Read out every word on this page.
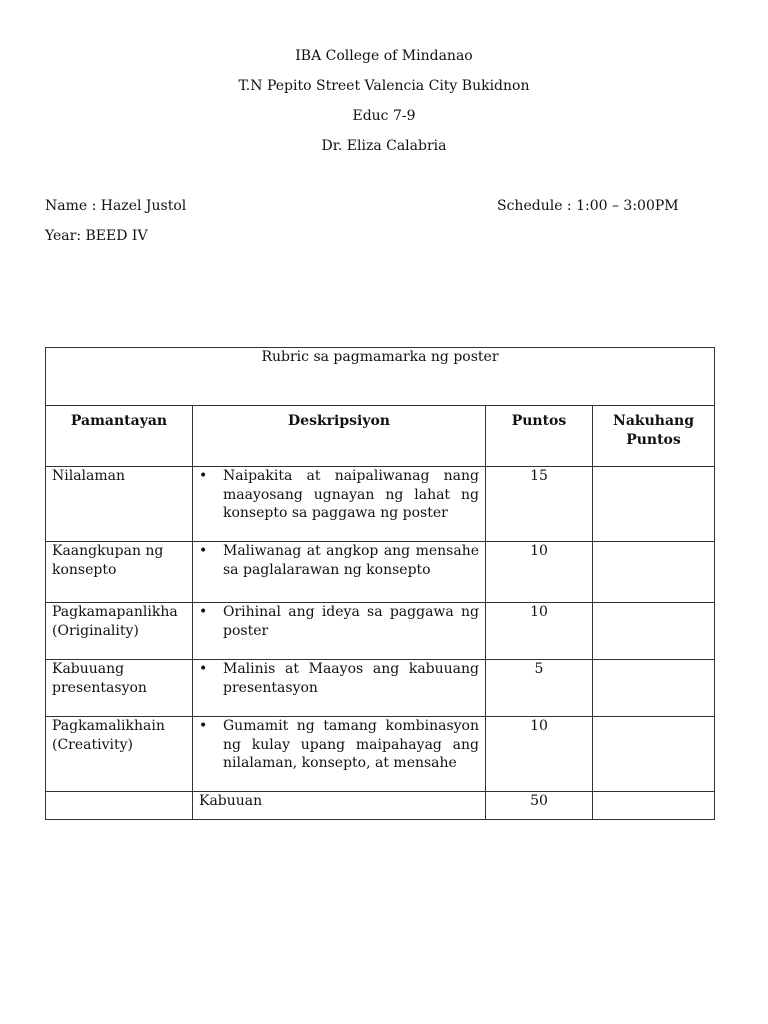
IBA College of Mindanao
T.N Pepito Street Valencia City Bukidnon
Educ 7-9
Dr. Eliza Calabria
Name : Hazel Justol	Schedule : 1:00 – 3:00PM
Year: BEED IV
Rubric sa pagmamarka ng poster			
Pamantayan	Deskripsiyon	Puntos	Nakuhang Puntos
Nilalaman	• Naipakita at naipaliwanag nang maayosang ugnayan ng lahat ng konsepto sa paggawa ng poster	15	
Kaangkupan ng konsepto	• Maliwanag at angkop ang mensahe sa paglalarawan ng konsepto	10	
Pagkamapanlikha (Originality)	• Orihinal ang ideya sa paggawa ng poster	10	
Kabuuang presentasyon	• Malinis at Maayos ang kabuuang presentasyon	5	
Pagkamalikhain (Creativity)	• Gumamit ng tamang kombinasyon ng kulay upang maipahayag ang nilalaman, konsepto, at mensahe	10	
	Kabuuan	50	
